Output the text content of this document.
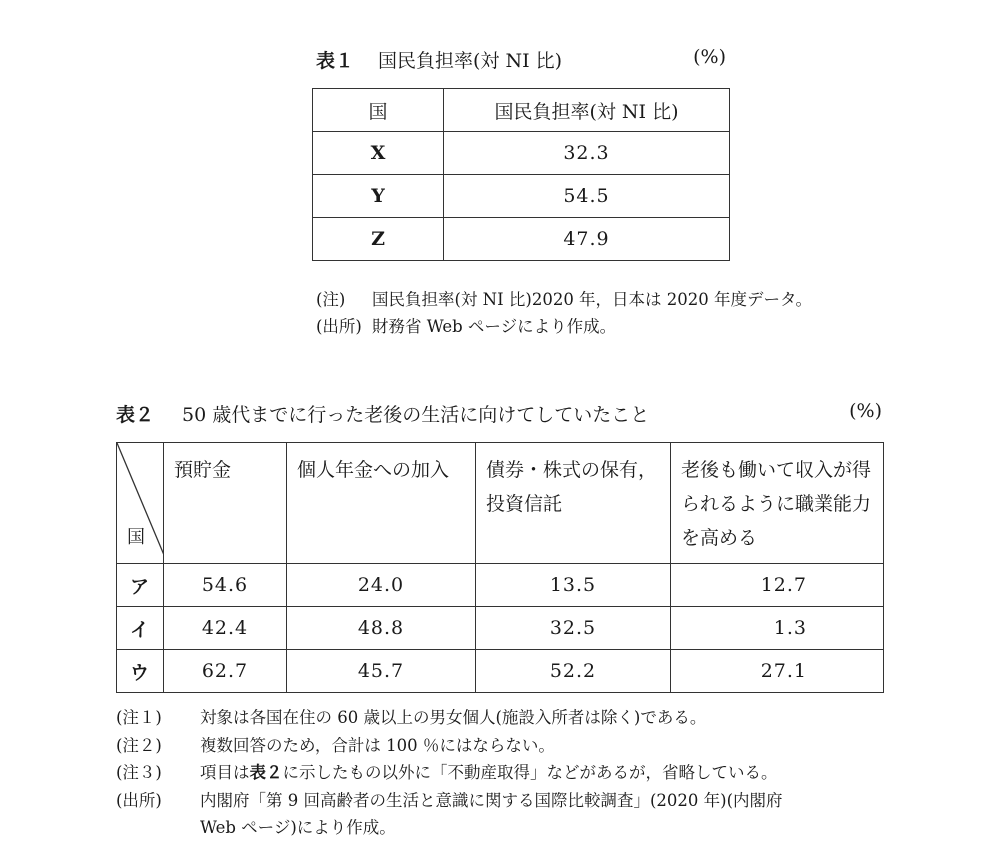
表１ 国民負担率(対 NI 比)	(%)
国	国民負担率(対 NI 比)
X	32.3
Y	54.5
Z	47.9
(注) 国民負担率(対 NI 比)2020 年，日本は 2020 年度データ。
(出所) 財務省 Web ページにより作成。
表２ 50 歳代までに行った老後の生活に向けてしていたこと	(%)
国	預貯金	個人年金への加入	債券・株式の保有，投資信託	老後も働いて収入が得られるように職業能力を高める
ア	54.6	24.0	13.5	12.7
イ	42.4	48.8	32.5	1.3
ウ	62.7	45.7	52.2	27.1
(注１) 対象は各国在住の 60 歳以上の男女個人(施設入所者は除く)である。
(注２) 複数回答のため，合計は 100 ％にはならない。
(注３) 項目は表２に示したもの以外に「不動産取得」などがあるが，省略している。
(出所) 内閣府「第 9 回高齢者の生活と意識に関する国際比較調査」(2020 年)(内閣府
Web ページ)により作成。
